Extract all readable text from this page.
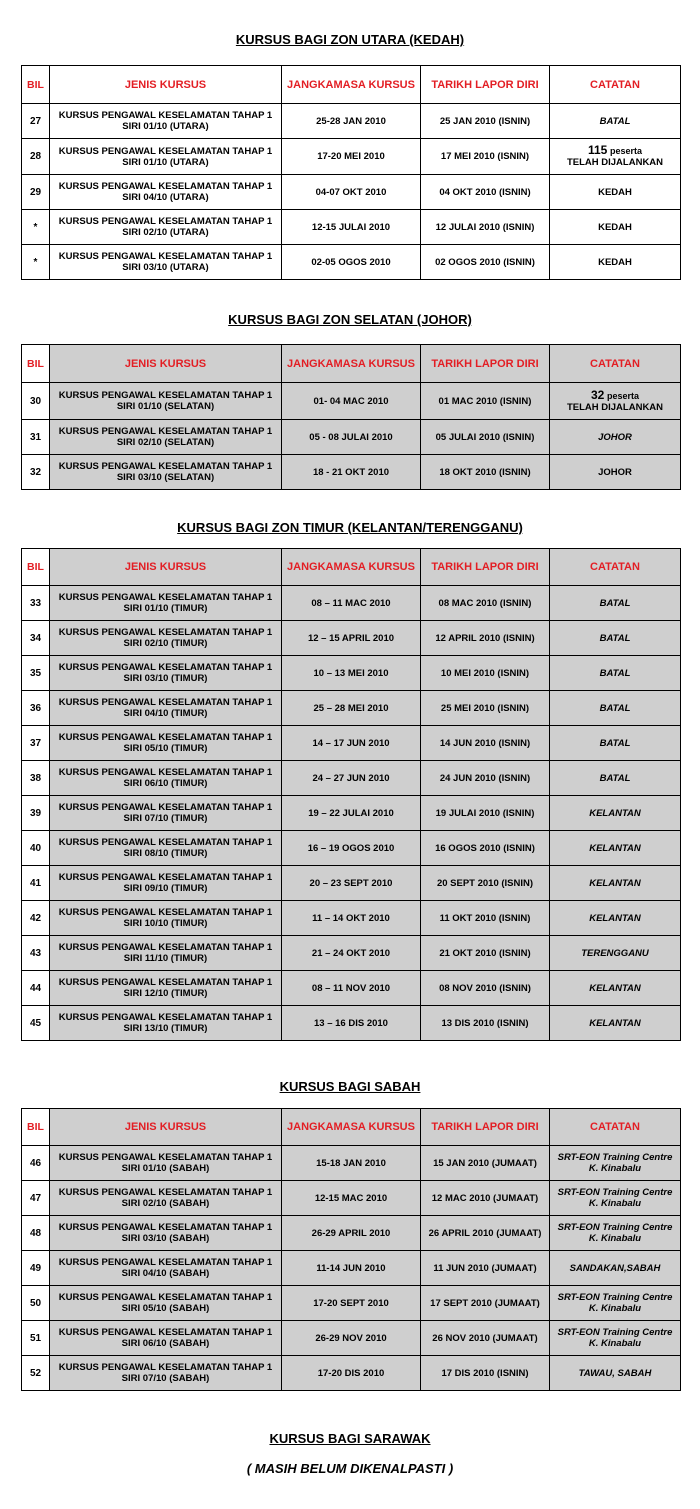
KURSUS BAGI ZON UTARA (KEDAH)
BIL	JENIS KURSUS	JANGKAMASA KURSUS	TARIKH LAPOR DIRI	CATATAN
27	KURSUS PENGAWAL KESELAMATAN TAHAP 1 SIRI 01/10 (UTARA)	25-28 JAN 2010	25 JAN 2010 (ISNIN)	BATAL
28	KURSUS PENGAWAL KESELAMATAN TAHAP 1 SIRI 01/10 (UTARA)	17-20 MEI 2010	17 MEI 2010 (ISNIN)	115 peserta
TELAH DIJALANKAN
29	KURSUS PENGAWAL KESELAMATAN TAHAP 1 SIRI 04/10 (UTARA)	04-07 OKT 2010	04 OKT 2010 (ISNIN)	KEDAH
*	KURSUS PENGAWAL KESELAMATAN TAHAP 1 SIRI 02/10 (UTARA)	12-15 JULAI 2010	12 JULAI 2010 (ISNIN)	KEDAH
*	KURSUS PENGAWAL KESELAMATAN TAHAP 1 SIRI 03/10 (UTARA)	02-05 OGOS 2010	02 OGOS 2010 (ISNIN)	KEDAH
KURSUS BAGI ZON SELATAN (JOHOR)
BIL	JENIS KURSUS	JANGKAMASA KURSUS	TARIKH LAPOR DIRI	CATATAN
30	KURSUS PENGAWAL KESELAMATAN TAHAP 1 SIRI 01/10 (SELATAN)	01- 04 MAC 2010	01 MAC 2010 (ISNIN)	32 peserta
TELAH DIJALANKAN
31	KURSUS PENGAWAL KESELAMATAN TAHAP 1 SIRI 02/10 (SELATAN)	05 - 08 JULAI 2010	05 JULAI 2010 (ISNIN)	JOHOR
32	KURSUS PENGAWAL KESELAMATAN TAHAP 1 SIRI 03/10 (SELATAN)	18 - 21 OKT 2010	18 OKT 2010 (ISNIN)	JOHOR
KURSUS BAGI ZON TIMUR (KELANTAN/TERENGGANU)
BIL	JENIS KURSUS	JANGKAMASA KURSUS	TARIKH LAPOR DIRI	CATATAN
33	KURSUS PENGAWAL KESELAMATAN TAHAP 1 SIRI 01/10 (TIMUR)	08 – 11 MAC 2010	08 MAC 2010 (ISNIN)	BATAL
34	KURSUS PENGAWAL KESELAMATAN TAHAP 1 SIRI 02/10 (TIMUR)	12 – 15 APRIL 2010	12 APRIL 2010 (ISNIN)	BATAL
35	KURSUS PENGAWAL KESELAMATAN TAHAP 1 SIRI 03/10 (TIMUR)	10 – 13 MEI 2010	10 MEI 2010 (ISNIN)	BATAL
36	KURSUS PENGAWAL KESELAMATAN TAHAP 1 SIRI 04/10 (TIMUR)	25 – 28 MEI 2010	25 MEI 2010 (ISNIN)	BATAL
37	KURSUS PENGAWAL KESELAMATAN TAHAP 1 SIRI 05/10 (TIMUR)	14 – 17 JUN 2010	14 JUN 2010 (ISNIN)	BATAL
38	KURSUS PENGAWAL KESELAMATAN TAHAP 1 SIRI 06/10 (TIMUR)	24 – 27 JUN 2010	24 JUN 2010 (ISNIN)	BATAL
39	KURSUS PENGAWAL KESELAMATAN TAHAP 1 SIRI 07/10 (TIMUR)	19 – 22 JULAI 2010	19 JULAI 2010 (ISNIN)	KELANTAN
40	KURSUS PENGAWAL KESELAMATAN TAHAP 1 SIRI 08/10 (TIMUR)	16 – 19 OGOS 2010	16 OGOS 2010 (ISNIN)	KELANTAN
41	KURSUS PENGAWAL KESELAMATAN TAHAP 1 SIRI 09/10 (TIMUR)	20 – 23 SEPT 2010	20 SEPT 2010 (ISNIN)	KELANTAN
42	KURSUS PENGAWAL KESELAMATAN TAHAP 1 SIRI 10/10 (TIMUR)	11 – 14 OKT 2010	11 OKT 2010 (ISNIN)	KELANTAN
43	KURSUS PENGAWAL KESELAMATAN TAHAP 1 SIRI 11/10 (TIMUR)	21 – 24 OKT 2010	21 OKT 2010 (ISNIN)	TERENGGANU
44	KURSUS PENGAWAL KESELAMATAN TAHAP 1 SIRI 12/10 (TIMUR)	08 – 11 NOV 2010	08 NOV 2010 (ISNIN)	KELANTAN
45	KURSUS PENGAWAL KESELAMATAN TAHAP 1 SIRI 13/10 (TIMUR)	13 – 16 DIS 2010	13 DIS 2010 (ISNIN)	KELANTAN
KURSUS BAGI SABAH
BIL	JENIS KURSUS	JANGKAMASA KURSUS	TARIKH LAPOR DIRI	CATATAN
46	KURSUS PENGAWAL KESELAMATAN TAHAP 1 SIRI 01/10 (SABAH)	15-18 JAN 2010	15 JAN 2010 (JUMAAT)	SRT-EON Training Centre K. Kinabalu
47	KURSUS PENGAWAL KESELAMATAN TAHAP 1 SIRI 02/10 (SABAH)	12-15 MAC 2010	12 MAC 2010 (JUMAAT)	SRT-EON Training Centre K. Kinabalu
48	KURSUS PENGAWAL KESELAMATAN TAHAP 1 SIRI 03/10 (SABAH)	26-29 APRIL 2010	26 APRIL 2010 (JUMAAT)	SRT-EON Training Centre K. Kinabalu
49	KURSUS PENGAWAL KESELAMATAN TAHAP 1 SIRI 04/10 (SABAH)	11-14 JUN 2010	11 JUN 2010 (JUMAAT)	SANDAKAN,SABAH
50	KURSUS PENGAWAL KESELAMATAN TAHAP 1 SIRI 05/10 (SABAH)	17-20 SEPT 2010	17 SEPT 2010 (JUMAAT)	SRT-EON Training Centre K. Kinabalu
51	KURSUS PENGAWAL KESELAMATAN TAHAP 1 SIRI 06/10 (SABAH)	26-29 NOV 2010	26 NOV 2010 (JUMAAT)	SRT-EON Training Centre K. Kinabalu
52	KURSUS PENGAWAL KESELAMATAN TAHAP 1 SIRI 07/10 (SABAH)	17-20 DIS 2010	17 DIS 2010 (ISNIN)	TAWAU, SABAH
KURSUS BAGI SARAWAK
( MASIH BELUM DIKENALPASTI )
